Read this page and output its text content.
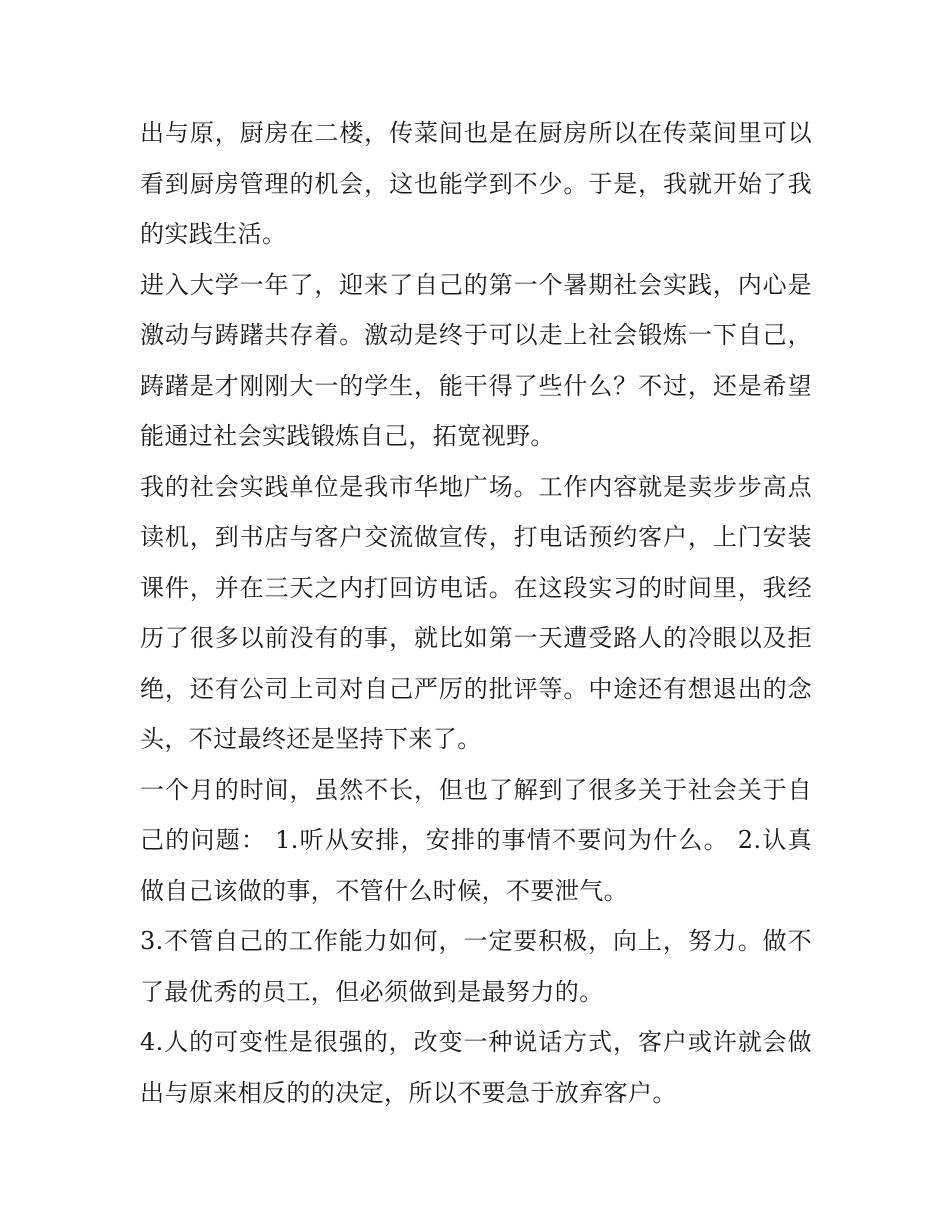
出与原，厨房在二楼，传菜间也是在厨房所以在传菜间里可以看到厨房管理的机会，这也能学到不少。于是，我就开始了我的实践生活。

进入大学一年了，迎来了自己的第一个暑期社会实践，内心是激动与踌躇共存着。激动是终于可以走上社会锻炼一下自己，踌躇是才刚刚大一的学生，能干得了些什么？不过，还是希望能通过社会实践锻炼自己，拓宽视野。

我的社会实践单位是我市华地广场。工作内容就是卖步步高点读机，到书店与客户交流做宣传，打电话预约客户，上门安装课件，并在三天之内打回访电话。在这段实习的时间里，我经历了很多以前没有的事，就比如第一天遭受路人的冷眼以及拒绝，还有公司上司对自己严厉的批评等。中途还有想退出的念头，不过最终还是坚持下来了。

一个月的时间，虽然不长，但也了解到了很多关于社会关于自己的问题： 1.听从安排，安排的事情不要问为什么。 2.认真做自己该做的事，不管什么时候，不要泄气。

3.不管自己的工作能力如何，一定要积极，向上，努力。做不了最优秀的员工，但必须做到是最努力的。

4.人的可变性是很强的，改变一种说话方式，客户或许就会做出与原来相反的的决定，所以不要急于放弃客户。
